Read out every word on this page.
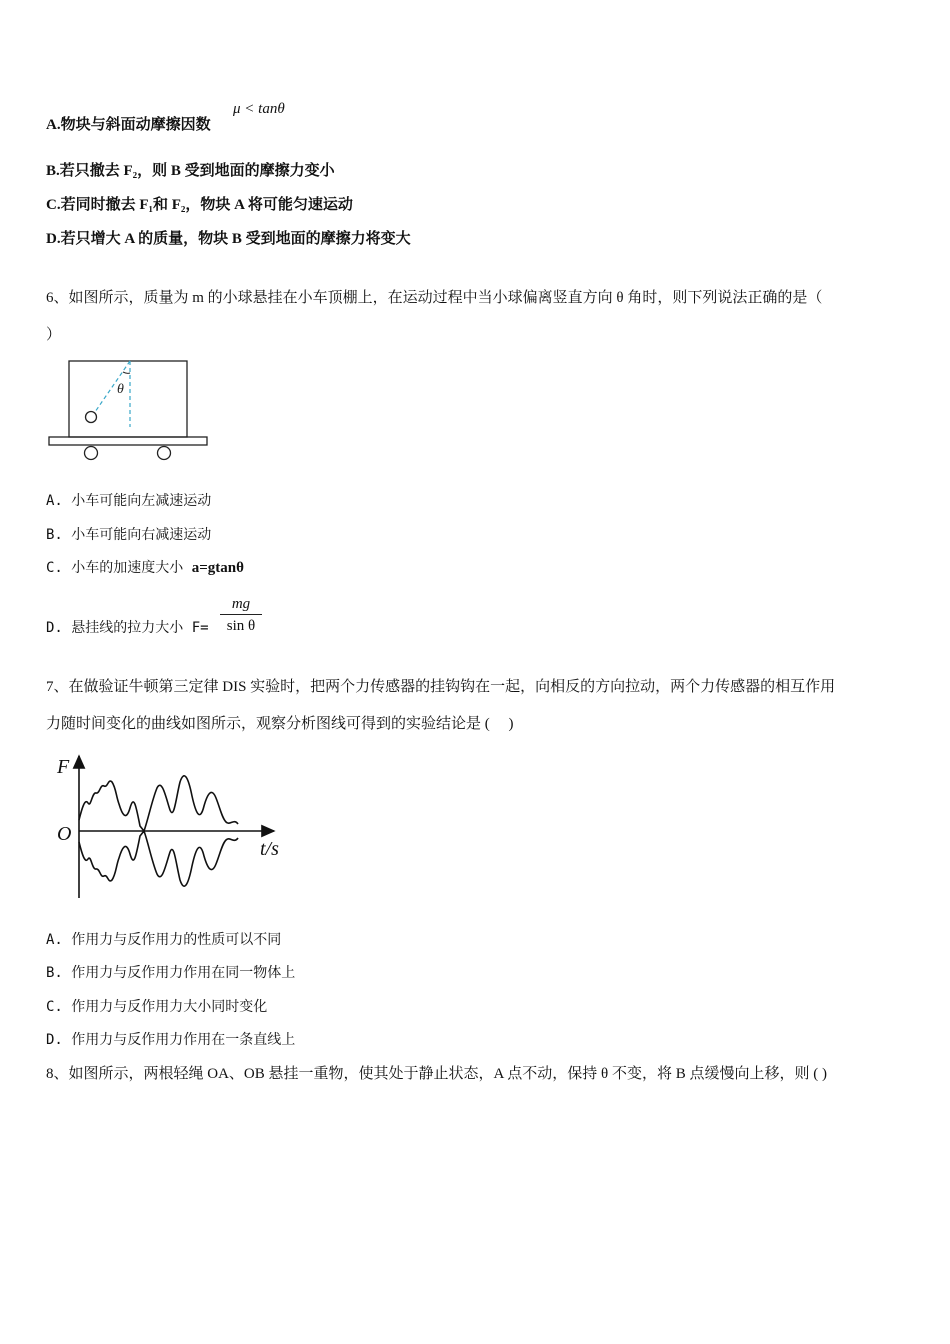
A.物块与斜面动摩擦因数
μ < tanθ
B.若只撤去 F₂，则 B 受到地面的摩擦力变小
C.若同时撤去 F₁和 F₂，物块 A 将可能匀速运动
D.若只增大 A 的质量，物块 B 受到地面的摩擦力将变大
6、如图所示，质量为 m 的小球悬挂在小车顶棚上，在运动过程中当小球偏离竖直方向 θ 角时，则下列说法正确的是（
）
θ
A. 小车可能向左减速运动
B. 小车可能向右减速运动
C. 小车的加速度大小 a=gtanθ
D. 悬挂线的拉力大小 $F= \frac{mg}{\text{sin θ}}$
7、在做验证牛顿第三定律 DIS 实验时，把两个力传感器的挂钩钩在一起，向相反的方向拉动，两个力传感器的相互作用
力随时间变化的曲线如图所示，观察分析图线可得到的实验结论是 (　 )
F
O
t/s
A. 作用力与反作用力的性质可以不同
B. 作用力与反作用力作用在同一物体上
C. 作用力与反作用力大小同时变化
D. 作用力与反作用力作用在一条直线上
8、如图所示，两根轻绳 OA、OB 悬挂一重物，使其处于静止状态，A 点不动，保持 θ 不变，将 B 点缓慢向上移，则 ( )
